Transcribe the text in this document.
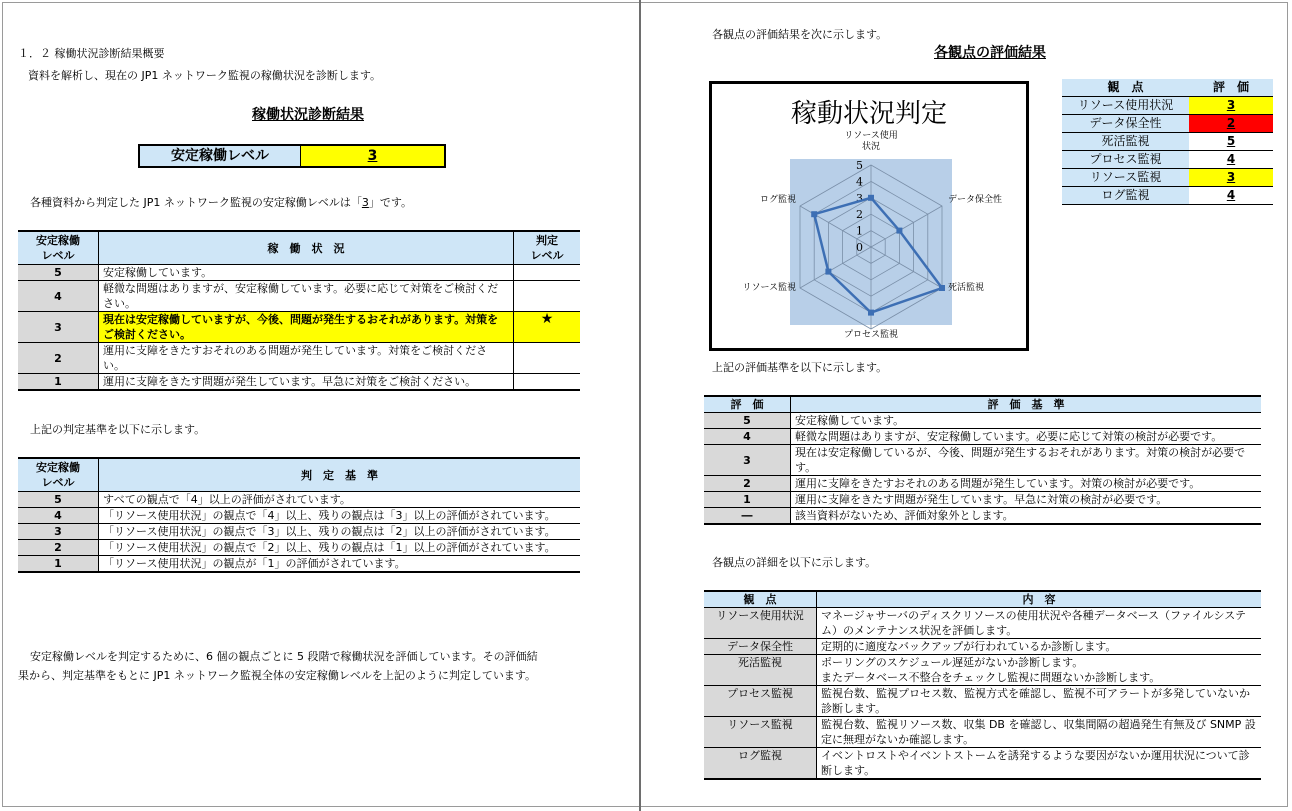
１．２ 稼働状況診断結果概要
資料を解析し、現在の JP1 ネットワーク監視の稼働状況を診断します。
稼働状況診断結果
安定稼働レベル	3
各種資料から判定した JP1 ネットワーク監視の安定稼働レベルは「3」です。
安定稼働
レベル	稼　働　状　況	判定
レベル
5	安定稼働しています。	
4	軽微な問題はありますが、安定稼働しています。必要に応じて対策をご検討ください。	
3	現在は安定稼働していますが、今後、問題が発生するおそれがあります。対策をご検討ください。	★
2	運用に支障をきたすおそれのある問題が発生しています。対策をご検討ください。	
1	運用に支障をきたす問題が発生しています。早急に対策をご検討ください。	
上記の判定基準を以下に示します。
安定稼働
レベル	判　定　基　準
5	すべての観点で「4」以上の評価がされています。
4	「リソース使用状況」の観点で「4」以上、残りの観点は「3」以上の評価がされています。
3	「リソース使用状況」の観点で「3」以上、残りの観点は「2」以上の評価がされています。
2	「リソース使用状況」の観点で「2」以上、残りの観点は「1」以上の評価がされています。
1	「リソース使用状況」の観点が「1」の評価がされています。
安定稼働レベルを判定するために、6 個の観点ごとに 5 段階で稼働状況を評価しています。その評価結
果から、判定基準をもとに JP1 ネットワーク監視全体の安定稼働レベルを上記のように判定しています。
各観点の評価結果を次に示します。
各観点の評価結果
稼動状況判定
0
1
2
3
4
5
リソース使用状況
データ保全性
死活監視
プロセス監視
リソース監視
ログ監視
観　点	評　価
リソース使用状況	3
データ保全性	2
死活監視	5
プロセス監視	4
リソース監視	3
ログ監視	4
上記の評価基準を以下に示します。
評　価	評　価　基　準
5	安定稼働しています。
4	軽微な問題はありますが、安定稼働しています。必要に応じて対策の検討が必要です。
3	現在は安定稼働しているが、今後、問題が発生するおそれがあります。対策の検討が必要です。
2	運用に支障をきたすおそれのある問題が発生しています。対策の検討が必要です。
1	運用に支障をきたす問題が発生しています。早急に対策の検討が必要です。
―	該当資料がないため、評価対象外とします。
各観点の詳細を以下に示します。
観　点	内　容
リソース使用状況	マネージャサーバのディスクリソースの使用状況や各種データベース（ファイルシステム）のメンテナンス状況を評価します。
データ保全性	定期的に適度なバックアップが行われているか診断します。
死活監視	ポーリングのスケジュール遅延がないか診断します。
またデータベース不整合をチェックし監視に問題ないか診断します。
プロセス監視	監視台数、監視プロセス数、監視方式を確認し、監視不可アラートが多発していないか診断します。
リソース監視	監視台数、監視リソース数、収集 DB を確認し、収集間隔の超過発生有無及び SNMP 設定に無理がないか確認します。
ログ監視	イベントロストやイベントストームを誘発するような要因がないか運用状況について診断します。
